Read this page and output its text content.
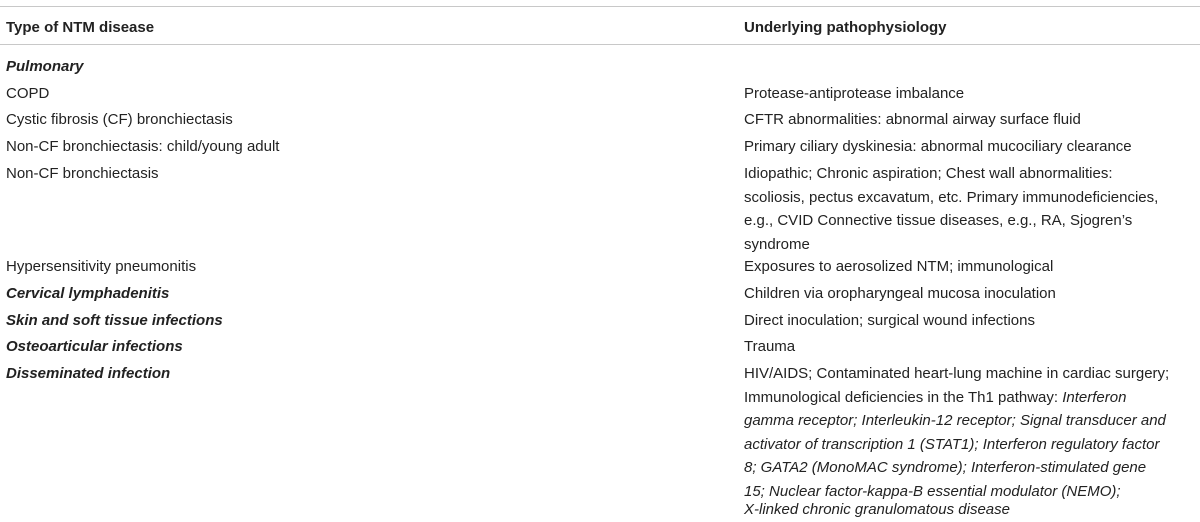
Type of NTM disease	Underlying pathophysiology
Pulmonary
COPD	Protease-antiprotease imbalance
Cystic fibrosis (CF) bronchiectasis	CFTR abnormalities: abnormal airway surface fluid
Non-CF bronchiectasis: child/young adult	Primary ciliary dyskinesia: abnormal mucociliary clearance
Non-CF bronchiectasis	Idiopathic; Chronic aspiration; Chest wall abnormalities:
scoliosis, pectus excavatum, etc. Primary immunodeficiencies,
e.g., CVID Connective tissue diseases, e.g., RA, Sjogren’s
syndrome
Hypersensitivity pneumonitis	Exposures to aerosolized NTM; immunological
Cervical lymphadenitis	Children via oropharyngeal mucosa inoculation
Skin and soft tissue infections	Direct inoculation; surgical wound infections
Osteoarticular infections	Trauma
Disseminated infection	HIV/AIDS; Contaminated heart-lung machine in cardiac surgery;
Immunological deficiencies in the Th1 pathway: Interferon
gamma receptor; Interleukin-12 receptor; Signal transducer and
activator of transcription 1 (STAT1); Interferon regulatory factor
8; GATA2 (MonoMAC syndrome); Interferon-stimulated gene
15; Nuclear factor-kappa-B essential modulator (NEMO);
X-linked chronic granulomatous disease
